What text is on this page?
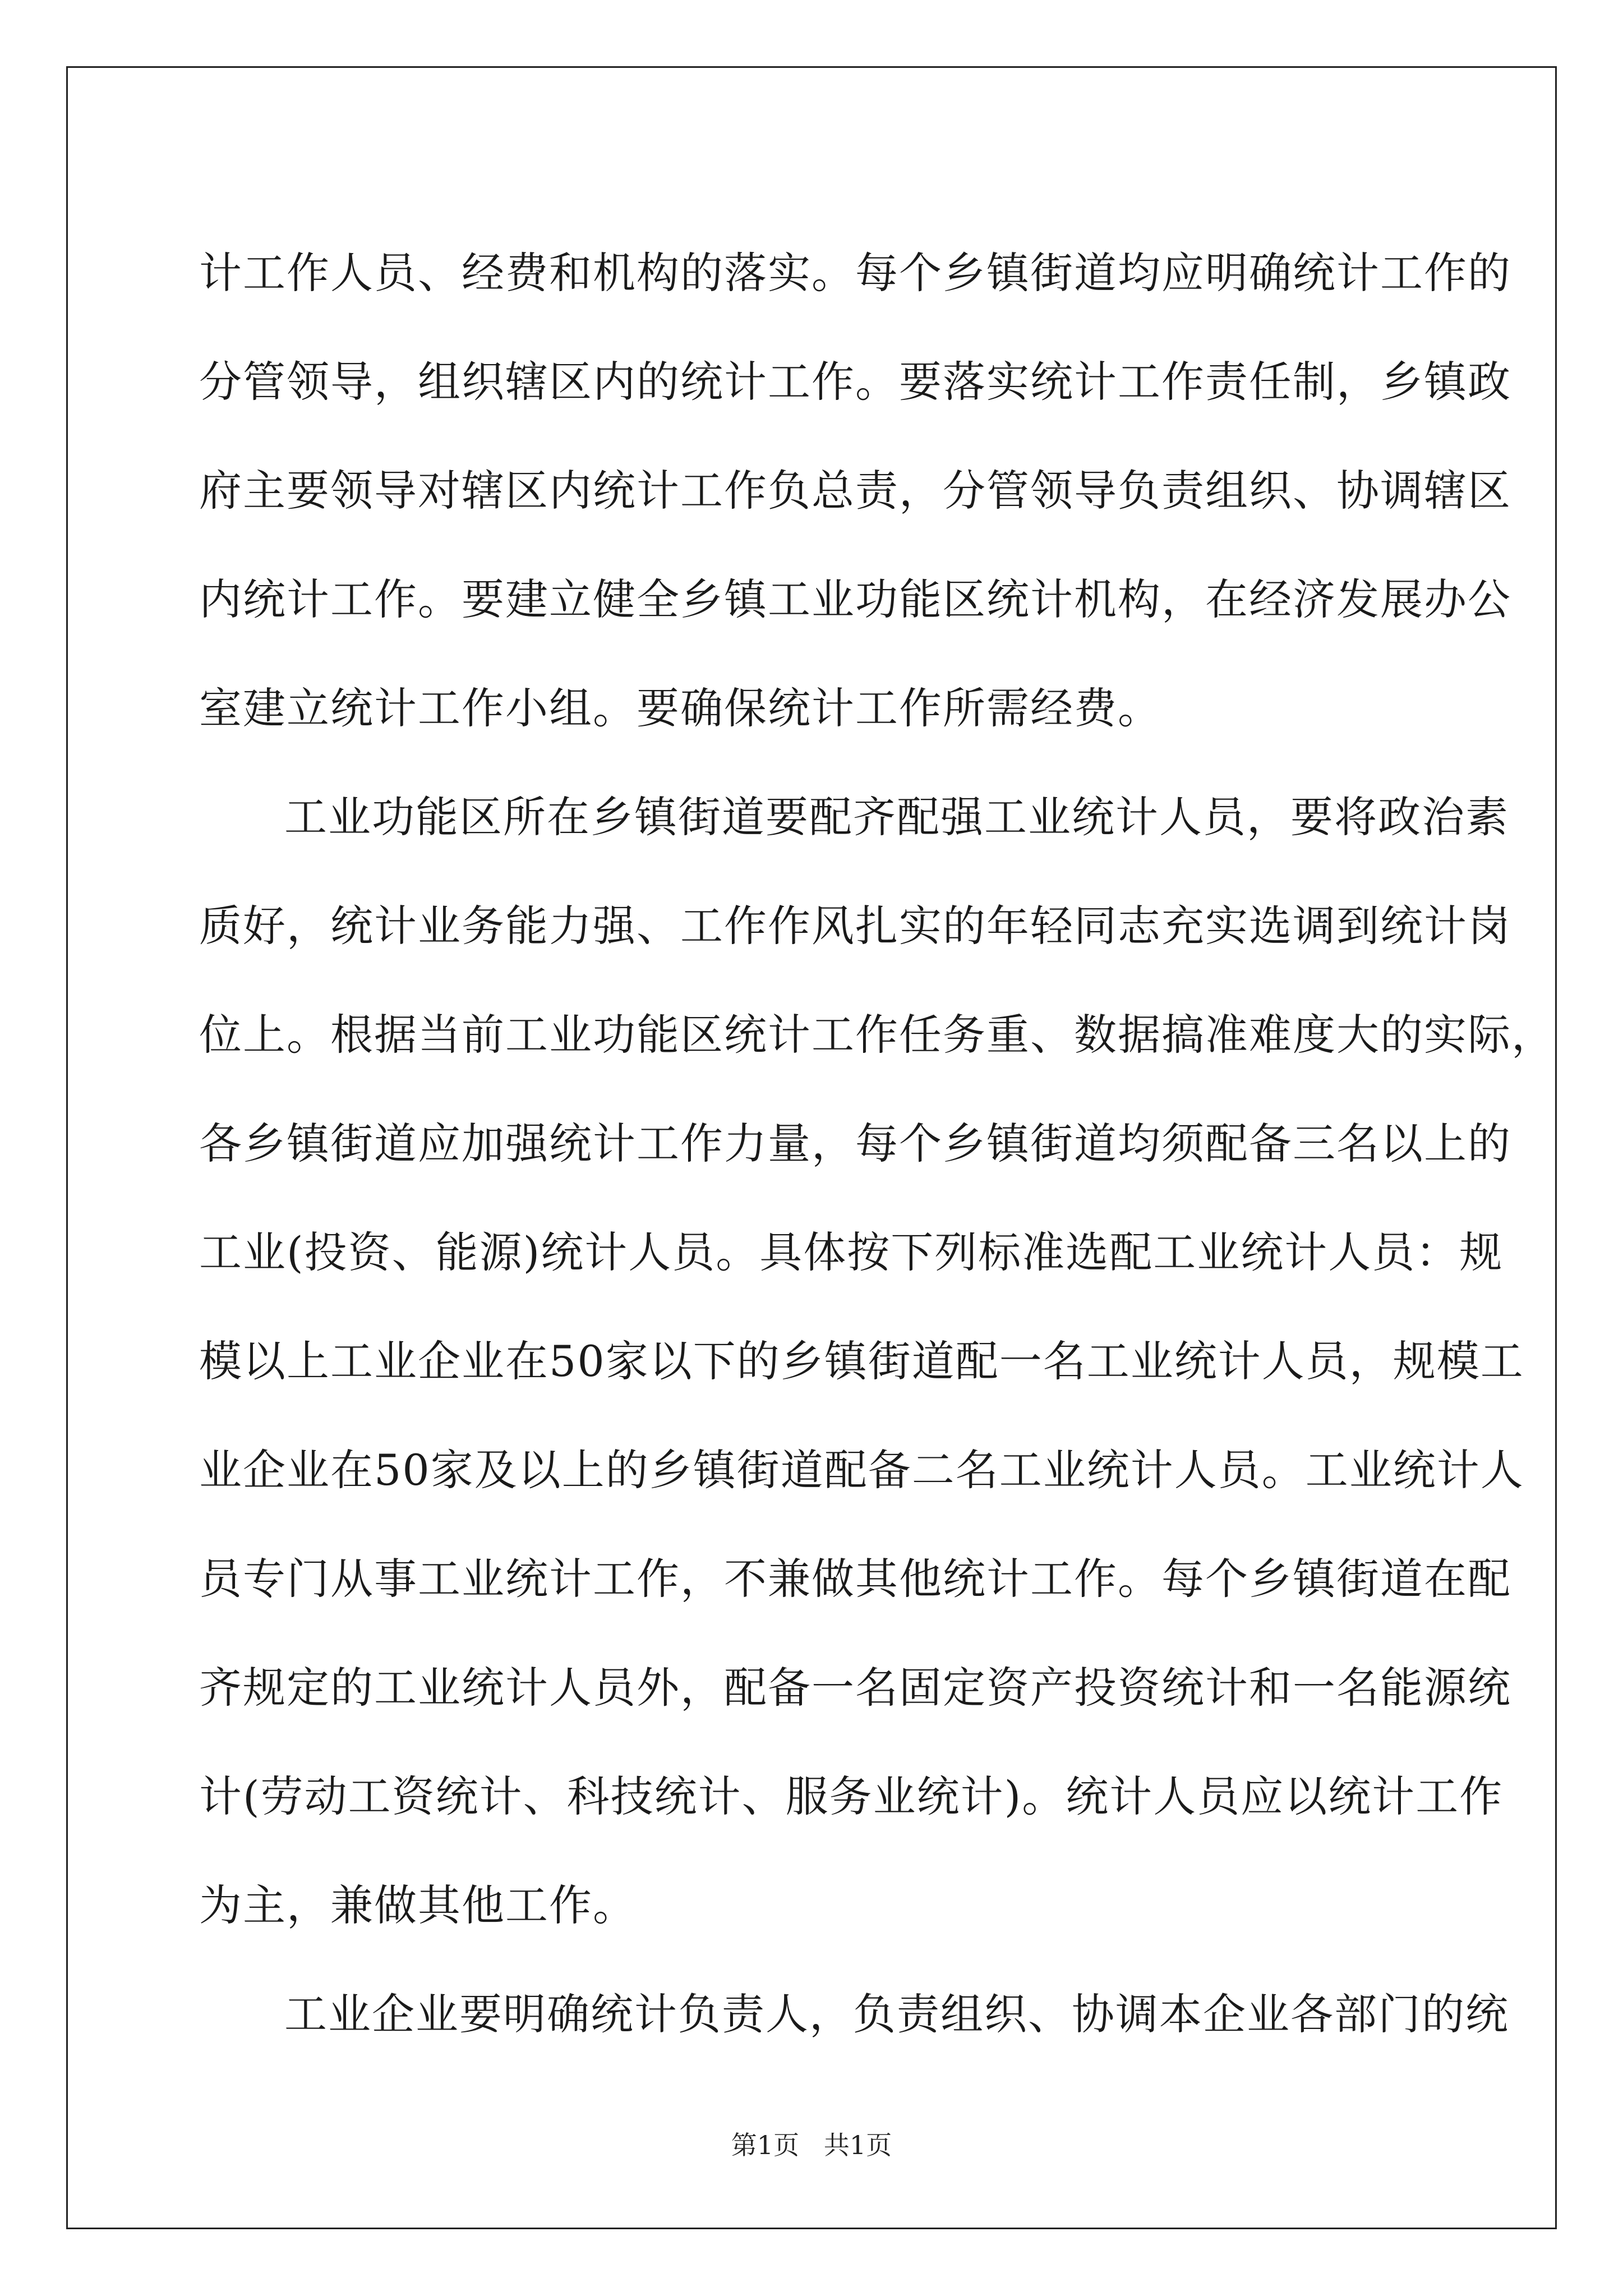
计工作人员、经费和机构的落实。每个乡镇街道均应明确统计工作的
分管领导，组织辖区内的统计工作。要落实统计工作责任制，乡镇政
府主要领导对辖区内统计工作负总责，分管领导负责组织、协调辖区
内统计工作。要建立健全乡镇工业功能区统计机构，在经济发展办公
室建立统计工作小组。要确保统计工作所需经费。
工业功能区所在乡镇街道要配齐配强工业统计人员，要将政治素
质好，统计业务能力强、工作作风扎实的年轻同志充实选调到统计岗
位上。根据当前工业功能区统计工作任务重、数据搞准难度大的实际，
各乡镇街道应加强统计工作力量，每个乡镇街道均须配备三名以上的
工业(投资、能源)统计人员。具体按下列标准选配工业统计人员：规
模以上工业企业在50家以下的乡镇街道配一名工业统计人员，规模工
业企业在50家及以上的乡镇街道配备二名工业统计人员。工业统计人
员专门从事工业统计工作，不兼做其他统计工作。每个乡镇街道在配
齐规定的工业统计人员外，配备一名固定资产投资统计和一名能源统
计(劳动工资统计、科技统计、服务业统计)。统计人员应以统计工作
为主，兼做其他工作。
工业企业要明确统计负责人，负责组织、协调本企业各部门的统
第1页   共1页
